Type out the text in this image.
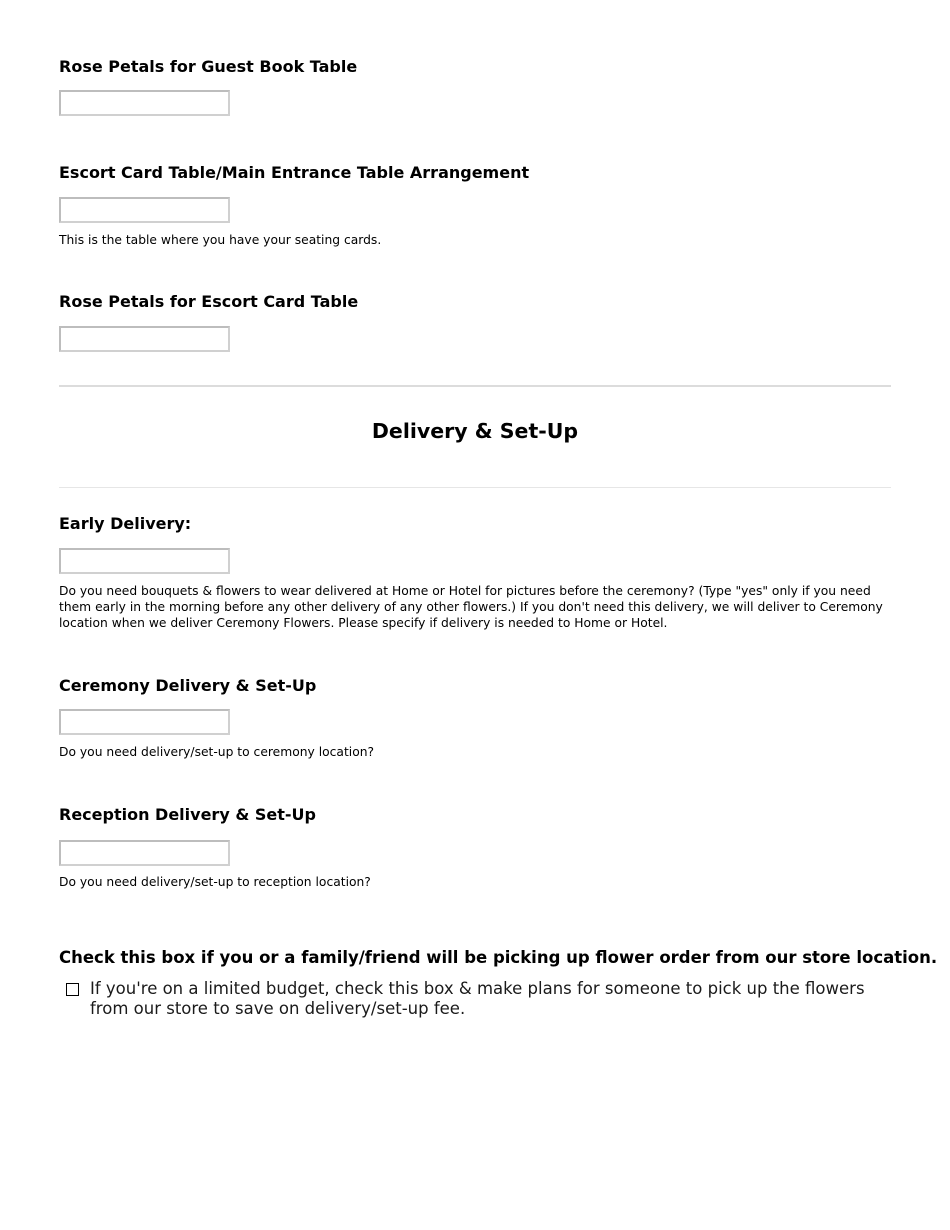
Rose Petals for Guest Book Table
Escort Card Table/Main Entrance Table Arrangement
This is the table where you have your seating cards.
Rose Petals for Escort Card Table
Delivery & Set-Up
Early Delivery:
Do you need bouquets & flowers to wear delivered at Home or Hotel for pictures before the ceremony? (Type "yes" only if you need them early in the morning before any other delivery of any other flowers.) If you don't need this delivery, we will deliver to Ceremony location when we deliver Ceremony Flowers. Please specify if delivery is needed to Home or Hotel.
Ceremony Delivery & Set-Up
Do you need delivery/set-up to ceremony location?
Reception Delivery & Set-Up
Do you need delivery/set-up to reception location?
Check this box if you or a family/friend will be picking up flower order from our store location.
If you're on a limited budget, check this box & make plans for someone to pick up the flowers from our store to save on delivery/set-up fee.
